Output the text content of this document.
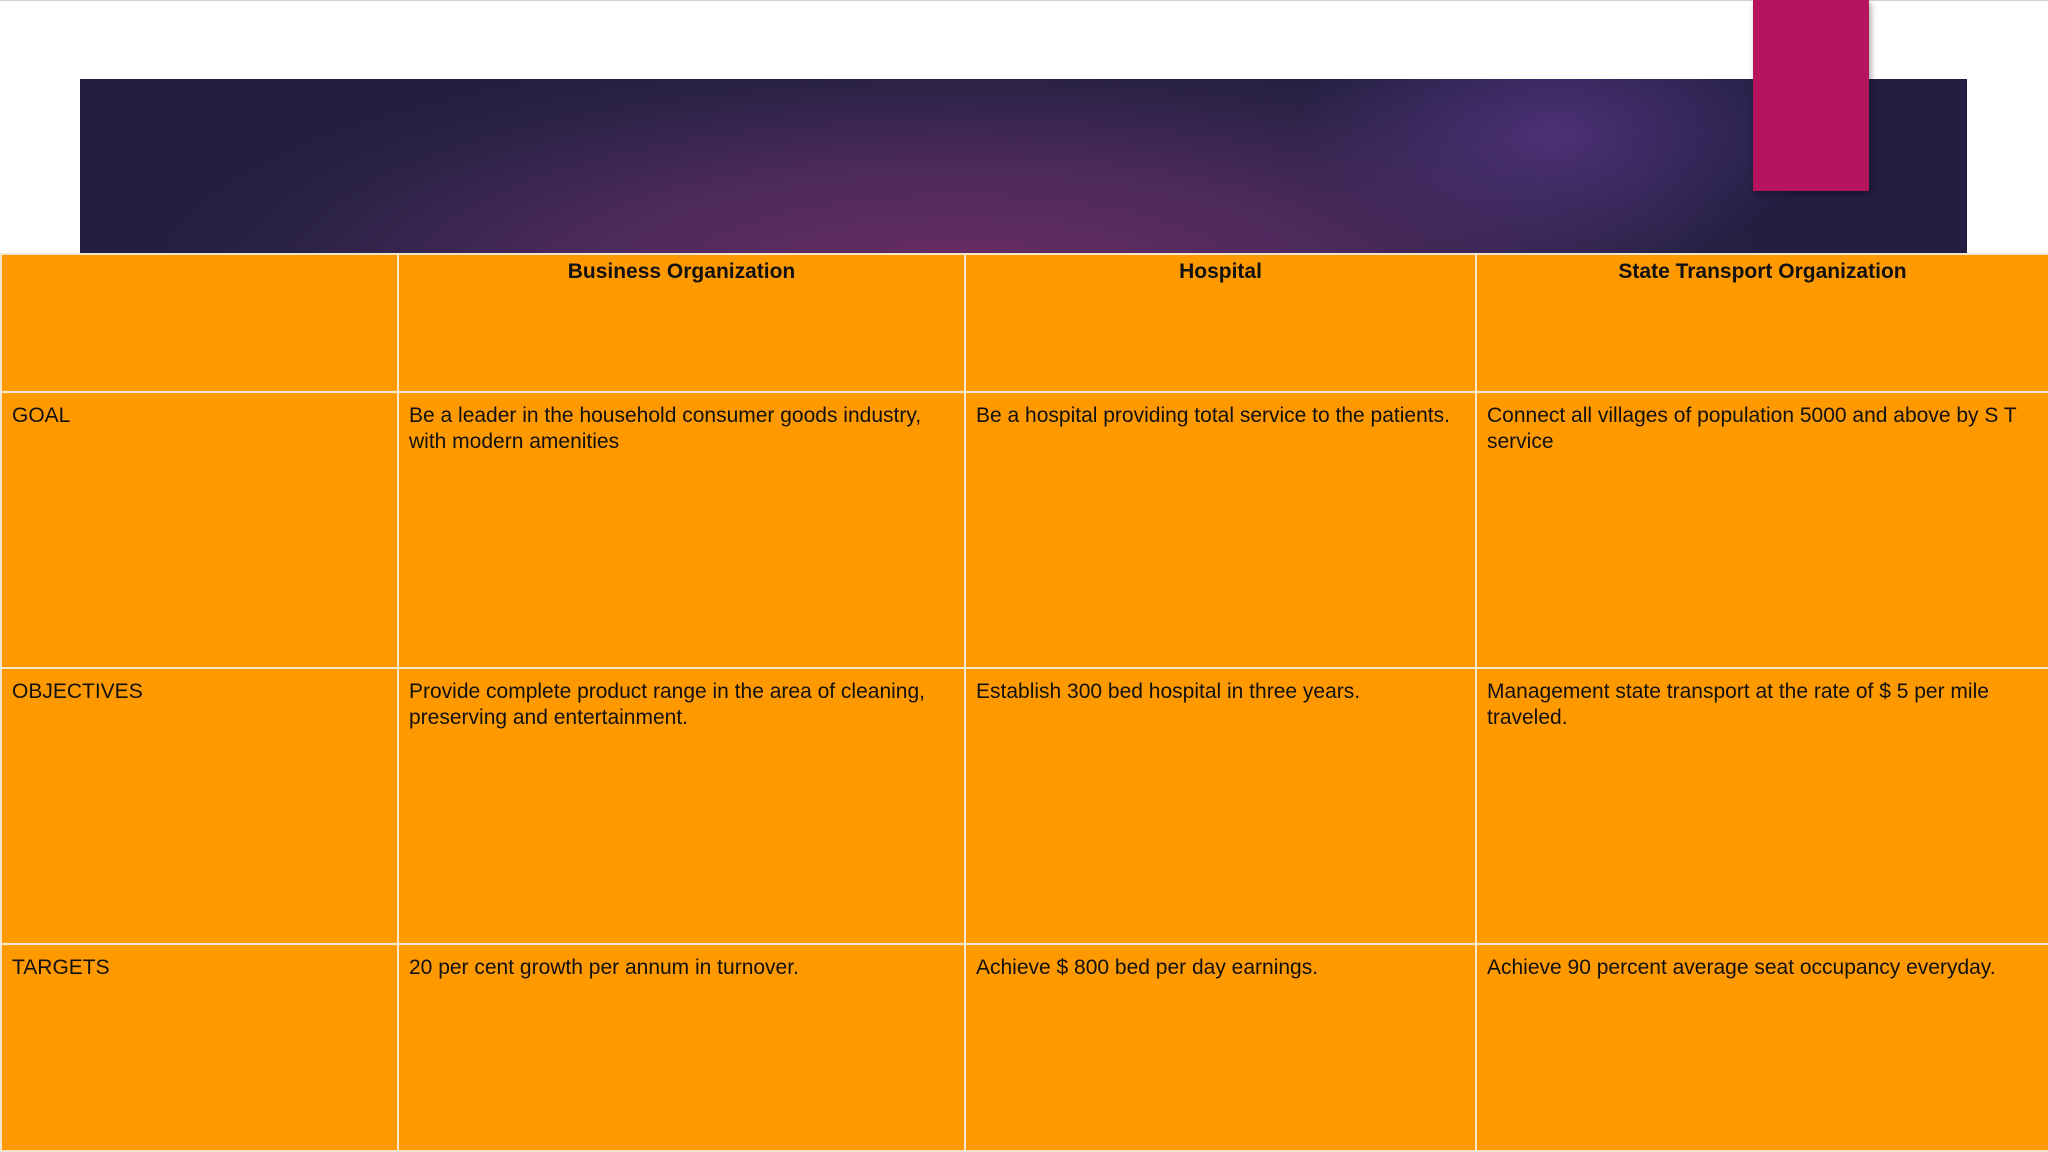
	Business Organization	Hospital	State Transport Organization
GOAL	Be a leader in the household consumer goods industry, with modern amenities	Be a hospital providing total service to the patients.	Connect all villages of population 5000 and above by S T service
OBJECTIVES	Provide complete product range in the area of cleaning, preserving and entertainment.	Establish 300 bed hospital in three years.	Management state transport at the rate of $ 5 per mile traveled.
TARGETS	20 per cent growth per annum in turnover.	Achieve $ 800 bed per day earnings.	Achieve 90 percent average seat occupancy everyday.
